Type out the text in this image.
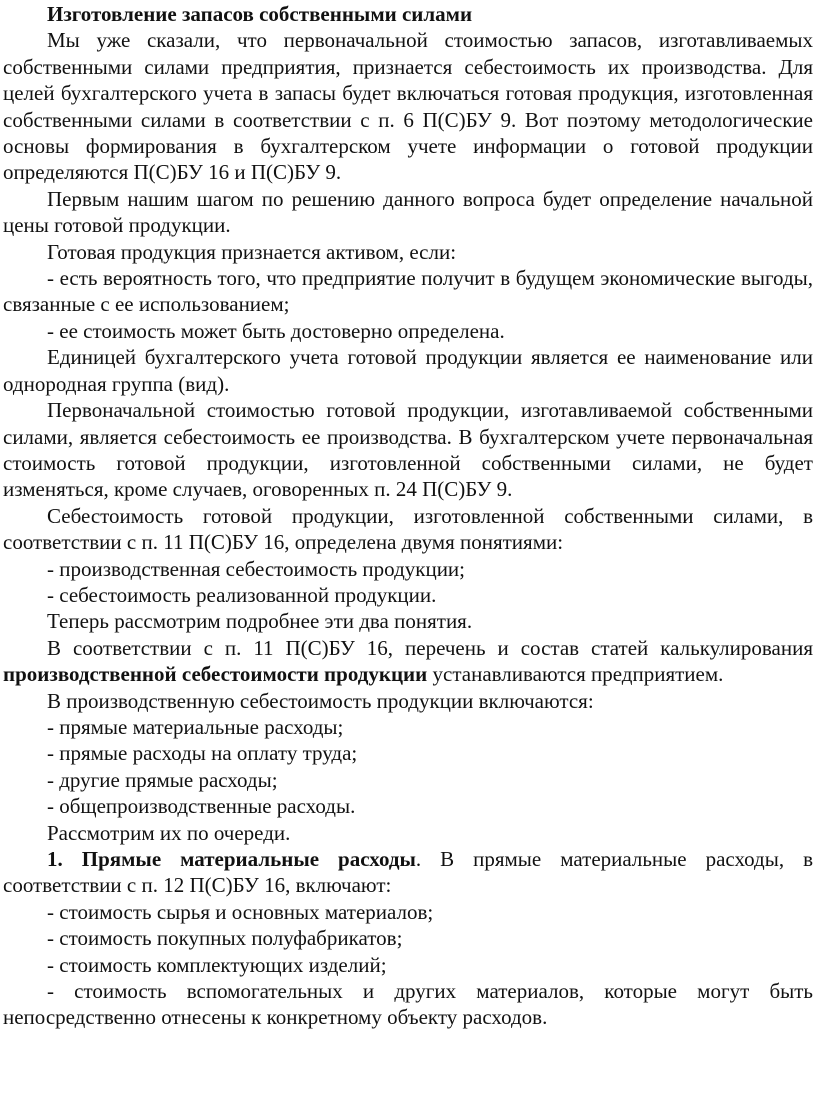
Изготовление запасов собственными силами

Мы уже сказали, что первоначальной стоимостью запасов, изготавливаемых собственными силами предприятия, признается себестоимость их производства. Для целей бухгалтерского учета в запасы будет включаться готовая продукция, изготовленная собственными силами в соответствии с п. 6 П(С)БУ 9. Вот поэтому методологические основы формирования в бухгалтерском учете информации о готовой продукции определяются П(С)БУ 16 и П(С)БУ 9.

Первым нашим шагом по решению данного вопроса будет определение начальной цены готовой продукции.

Готовая продукция признается активом, если:

- есть вероятность того, что предприятие получит в будущем экономические выгоды, связанные с ее использованием;

- ее стоимость может быть достоверно определена.

Единицей бухгалтерского учета готовой продукции является ее наименование или однородная группа (вид).

Первоначальной стоимостью готовой продукции, изготавливаемой собственными силами, является себестоимость ее производства. В бухгалтерском учете первоначальная стоимость готовой продукции, изготовленной собственными силами, не будет изменяться, кроме случаев, оговоренных п. 24 П(С)БУ 9.

Себестоимость готовой продукции, изготовленной собственными силами, в соответствии с п. 11 П(С)БУ 16, определена двумя понятиями:

- производственная себестоимость продукции;

- себестоимость реализованной продукции.

Теперь рассмотрим подробнее эти два понятия.

В соответствии с п. 11 П(С)БУ 16, перечень и состав статей калькулирования производственной себестоимости продукции устанавливаются предприятием.

В производственную себестоимость продукции включаются:

- прямые материальные расходы;

- прямые расходы на оплату труда;

- другие прямые расходы;

- общепроизводственные расходы.

Рассмотрим их по очереди.

1. Прямые материальные расходы. В прямые материальные расходы, в соответствии с п. 12 П(С)БУ 16, включают:

- стоимость сырья и основных материалов;

- стоимость покупных полуфабрикатов;

- стоимость комплектующих изделий;

- стоимость вспомогательных и других материалов, которые могут быть непосредственно отнесены к конкретному объекту расходов.
